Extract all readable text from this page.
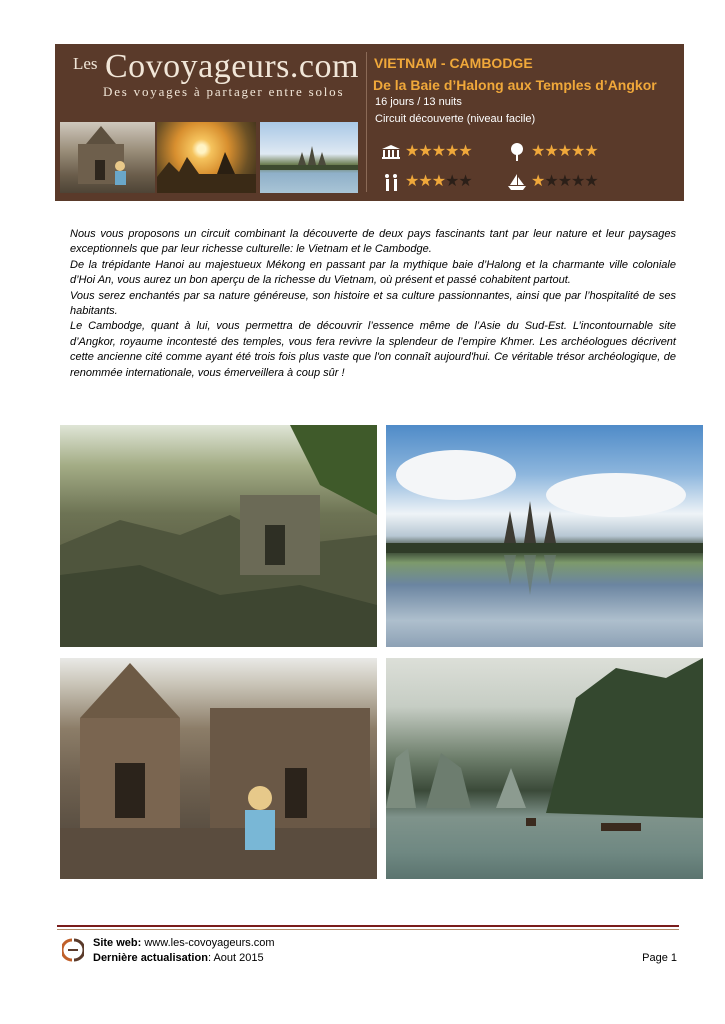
Les Covoyageurs.com
Des voyages à partager entre solos
VIETNAM - CAMBODGE
De la Baie d’Halong aux Temples d’Angkor
16 jours / 13 nuits
Circuit découverte (niveau facile)
★★★★★	★★★★★
★★★★★	★★★★★

Nous vous proposons un circuit combinant la découverte de deux pays fascinants tant par leur nature et leur paysages exceptionnels que par leur richesse culturelle: le Vietnam et le Cambodge.

De la trépidante Hanoi au majestueux Mékong en passant par la mythique baie d’Halong et la charmante ville coloniale d’Hoi An, vous aurez un bon aperçu de la richesse du Vietnam, où présent et passé cohabitent partout.

Vous serez enchantés par sa nature généreuse, son histoire et sa culture passionnantes, ainsi que par l’hospitalité de ses habitants.

Le Cambodge, quant à lui, vous permettra de découvrir l’essence même de l’Asie du Sud-Est. L’incontournable site d’Angkor, royaume incontesté des temples, vous fera revivre la splendeur de l’empire Khmer. Les archéologues décrivent cette ancienne cité comme ayant été trois fois plus vaste que l'on connaît aujourd'hui. Ce véritable trésor archéologique, de renommée internationale, vous émerveillera à coup sûr !

Site web: www.les-covoyageurs.com
Dernière actualisation: Aout 2015	Page 1
